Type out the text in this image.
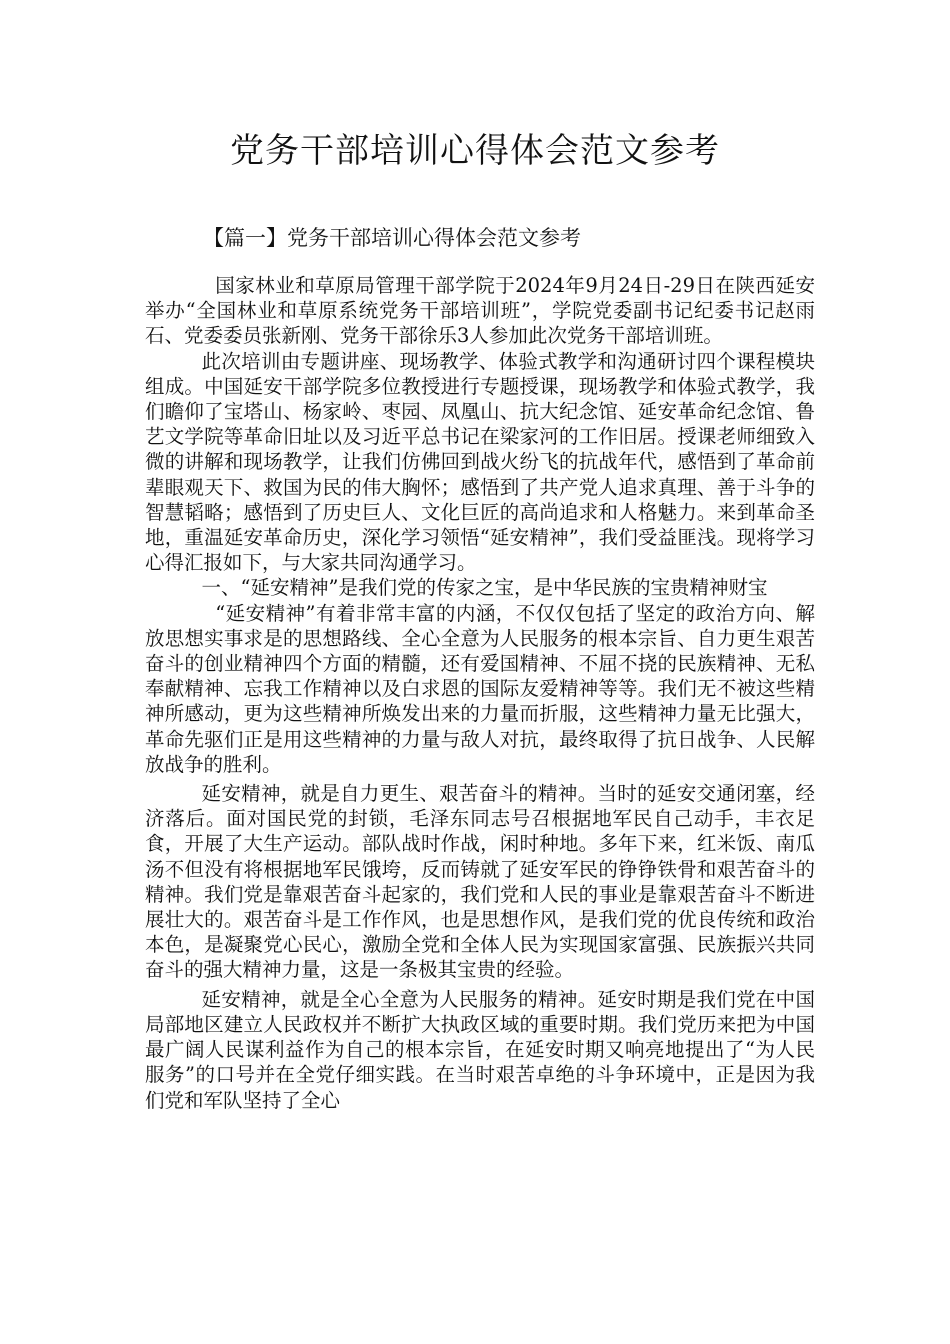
党务干部培训心得体会范文参考
【篇一】党务干部培训心得体会范文参考

国家林业和草原局管理干部学院于2024年9月24日-29日在陕西延安举办“全国林业和草原系统党务干部培训班”，学院党委副书记纪委书记赵雨石、党委委员张新刚、党务干部徐乐3人参加此次党务干部培训班。

此次培训由专题讲座、现场教学、体验式教学和沟通研讨四个课程模块组成。中国延安干部学院多位教授进行专题授课，现场教学和体验式教学，我们瞻仰了宝塔山、杨家岭、枣园、凤凰山、抗大纪念馆、延安革命纪念馆、鲁艺文学院等革命旧址以及习近平总书记在梁家河的工作旧居。授课老师细致入微的讲解和现场教学，让我们仿佛回到战火纷飞的抗战年代，感悟到了革命前辈眼观天下、救国为民的伟大胸怀；感悟到了共产党人追求真理、善于斗争的智慧韬略；感悟到了历史巨人、文化巨匠的高尚追求和人格魅力。来到革命圣地，重温延安革命历史，深化学习领悟“延安精神”，我们受益匪浅。现将学习心得汇报如下，与大家共同沟通学习。

一、“延安精神”是我们党的传家之宝，是中华民族的宝贵精神财宝

“延安精神”有着非常丰富的内涵，不仅仅包括了坚定的政治方向、解放思想实事求是的思想路线、全心全意为人民服务的根本宗旨、自力更生艰苦奋斗的创业精神四个方面的精髓，还有爱国精神、不屈不挠的民族精神、无私奉献精神、忘我工作精神以及白求恩的国际友爱精神等等。我们无不被这些精神所感动，更为这些精神所焕发出来的力量而折服，这些精神力量无比强大，革命先驱们正是用这些精神的力量与敌人对抗，最终取得了抗日战争、人民解放战争的胜利。

延安精神，就是自力更生、艰苦奋斗的精神。当时的延安交通闭塞，经济落后。面对国民党的封锁，毛泽东同志号召根据地军民自己动手，丰衣足食，开展了大生产运动。部队战时作战，闲时种地。多年下来，红米饭、南瓜汤不但没有将根据地军民饿垮，反而铸就了延安军民的铮铮铁骨和艰苦奋斗的精神。我们党是靠艰苦奋斗起家的，我们党和人民的事业是靠艰苦奋斗不断进展壮大的。艰苦奋斗是工作作风，也是思想作风，是我们党的优良传统和政治本色，是凝聚党心民心，激励全党和全体人民为实现国家富强、民族振兴共同奋斗的强大精神力量，这是一条极其宝贵的经验。

延安精神，就是全心全意为人民服务的精神。延安时期是我们党在中国局部地区建立人民政权并不断扩大执政区域的重要时期。我们党历来把为中国最广阔人民谋利益作为自己的根本宗旨，在延安时期又响亮地提出了“为人民服务”的口号并在全党仔细实践。在当时艰苦卓绝的斗争环境中，正是因为我们党和军队坚持了全心
